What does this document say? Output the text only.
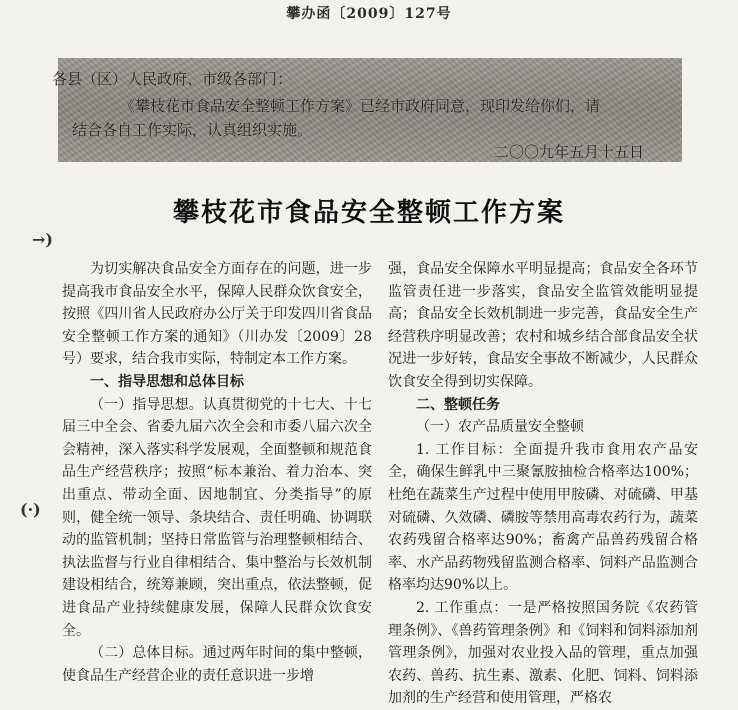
攀办函〔2009〕127号
各县（区）人民政府、市级各部门：
《攀枝花市食品安全整顿工作方案》已经市政府同意，现印发给你们，请
结合各自工作实际，认真组织实施。
二〇〇九年五月十五日
攀枝花市食品安全整顿工作方案
→)
(·)

为切实解决食品安全方面存在的问题，进一步提高我市食品安全水平，保障人民群众饮食安全，按照《四川省人民政府办公厅关于印发四川省食品安全整顿工作方案的通知》（川办发〔2009〕28号）要求，结合我市实际，特制定本工作方案。

一、指导思想和总体目标

（一）指导思想。认真贯彻党的十七大、十七届三中全会、省委九届六次全会和市委八届六次全会精神，深入落实科学发展观，全面整顿和规范食品生产经营秩序；按照“标本兼治、着力治本、突出重点、带动全面、因地制宜、分类指导”的原则，健全统一领导、条块结合、责任明确、协调联动的监管机制；坚持日常监管与治理整顿相结合、执法监督与行业自律相结合、集中整治与长效机制建设相结合，统筹兼顾，突出重点，依法整顿，促进食品产业持续健康发展，保障人民群众饮食安全。

（二）总体目标。通过两年时间的集中整顿，使食品生产经营企业的责任意识进一步增

强，食品安全保障水平明显提高；食品安全各环节监管责任进一步落实，食品安全监管效能明显提高；食品安全长效机制进一步完善，食品安全生产经营秩序明显改善；农村和城乡结合部食品安全状况进一步好转，食品安全事故不断减少，人民群众饮食安全得到切实保障。

二、整顿任务

（一）农产品质量安全整顿

1. 工作目标：全面提升我市食用农产品安全，确保生鲜乳中三聚氰胺抽检合格率达100%；杜绝在蔬菜生产过程中使用甲胺磷、对硫磷、甲基对硫磷、久效磷、磷胺等禁用高毒农药行为，蔬菜农药残留合格率达90%；畜禽产品兽药残留合格率、水产品药物残留监测合格率、饲料产品监测合格率均达90%以上。

2. 工作重点：一是严格按照国务院《农药管理条例》、《兽药管理条例》和《饲料和饲料添加剂管理条例》，加强对农业投入品的管理，重点加强农药、兽药、抗生素、激素、化肥、饲料、饲料添加剂的生产经营和使用管理，严格农
